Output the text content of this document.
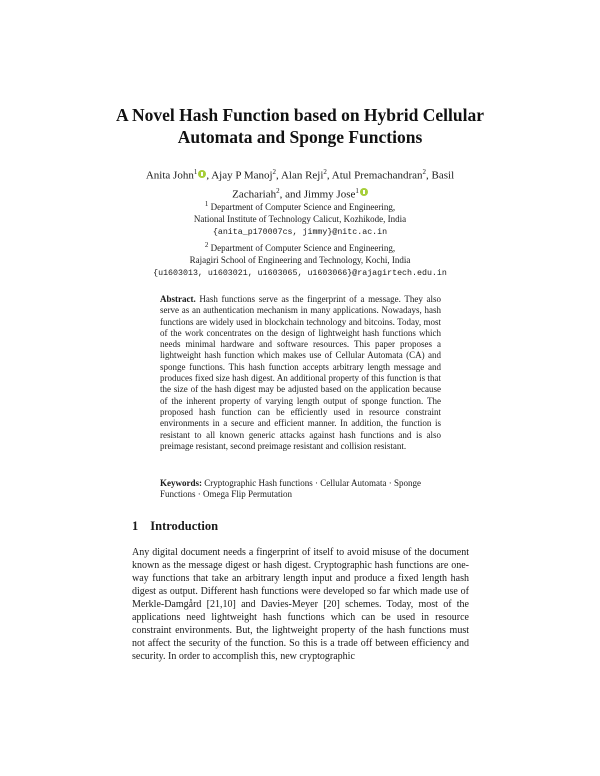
A Novel Hash Function based on Hybrid Cellular Automata and Sponge Functions
Anita John$^1$ , Ajay P Manoj$^2$, Alan Reji$^2$, Atul Premachandran$^2$, Basil Zachariah$^2$, and Jimmy Jose$^1$
$^1$ Department of Computer Science and Engineering,
National Institute of Technology Calicut, Kozhikode, India
{anita_p170007cs, jimmy}@nitc.ac.in
$^2$ Department of Computer Science and Engineering,
Rajagiri School of Engineering and Technology, Kochi, India
{u1603013, u1603021, u1603065, u1603066}@rajagirtech.edu.in
Abstract. Hash functions serve as the fingerprint of a message. They also serve as an authentication mechanism in many applications. Nowadays, hash functions are widely used in blockchain technology and bitcoins. Today, most of the work concentrates on the design of lightweight hash functions which needs minimal hardware and software resources. This paper proposes a lightweight hash function which makes use of Cellular Automata (CA) and sponge functions. This hash function accepts arbitrary length message and produces fixed size hash digest. An additional property of this function is that the size of the hash digest may be adjusted based on the application because of the inherent property of varying length output of sponge function. The proposed hash function can be efficiently used in resource constraint environments in a secure and efficient manner. In addition, the function is resistant to all known generic attacks against hash functions and is also preimage resistant, second preimage resistant and collision resistant.
Keywords: Cryptographic Hash functions · Cellular Automata · Sponge Functions · Omega Flip Permutation
1 Introduction
Any digital document needs a fingerprint of itself to avoid misuse of the document known as the message digest or hash digest. Cryptographic hash functions are one-way functions that take an arbitrary length input and produce a fixed length hash digest as output. Different hash functions were developed so far which made use of Merkle-Damgård [21,10] and Davies-Meyer [20] schemes. Today, most of the applications need lightweight hash functions which can be used in resource constraint environments. But, the lightweight property of the hash functions must not affect the security of the function. So this is a trade off between efficiency and security. In order to accomplish this, new cryptographic
